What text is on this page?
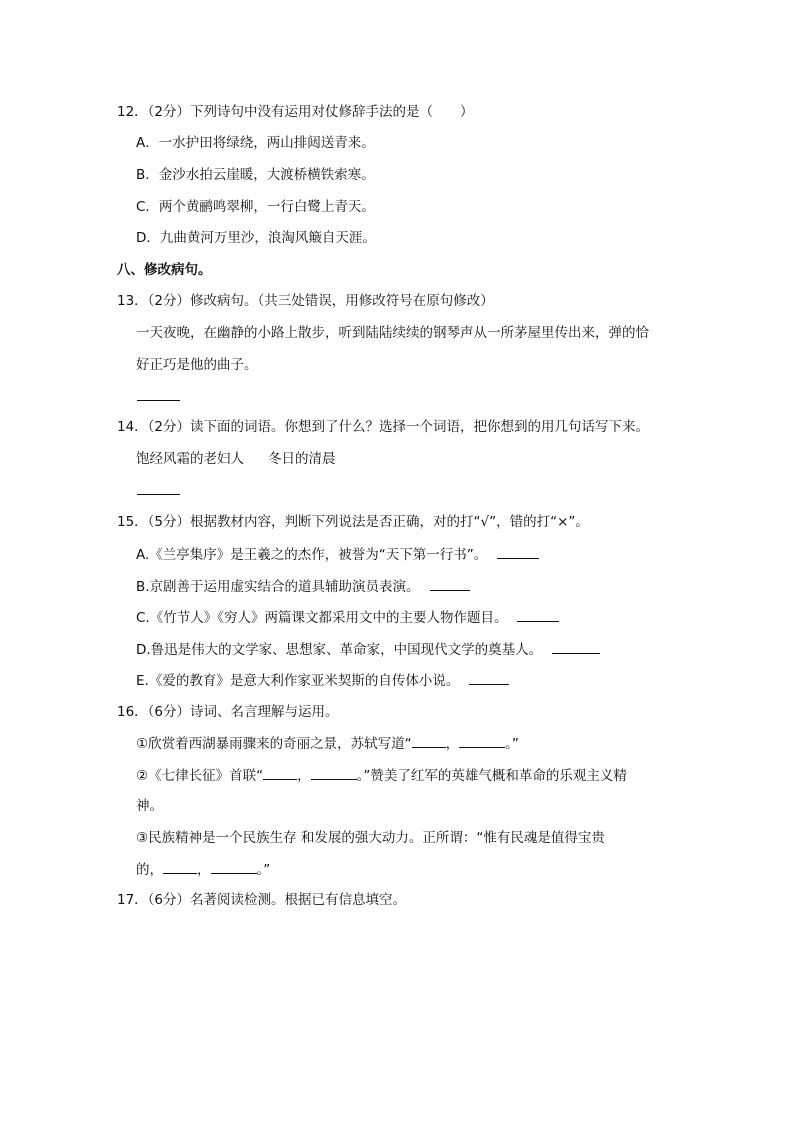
12．（2分）下列诗句中没有运用对仗修辞手法的是（　　）
A．一水护田将绿绕，两山排闼送青来。
B．金沙水拍云崖暖，大渡桥横铁索寒。
C．两个黄鹂鸣翠柳，一行白鹭上青天。
D．九曲黄河万里沙，浪淘风簸自天涯。
八、修改病句。
13．（2分）修改病句。（共三处错误，用修改符号在原句修改）
一天夜晚，在幽静的小路上散步，听到陆陆续续的钢琴声从一所茅屋里传出来，弹的恰
好正巧是他的曲子。
14．（2分）读下面的词语。你想到了什么？选择一个词语，把你想到的用几句话写下来。
饱经风霜的老妇人 冬日的清晨
15．（5分）根据教材内容，判断下列说法是否正确，对的打“√”，错的打“×”。
A.《兰亭集序》是王羲之的杰作，被誉为“天下第一行书”。
B.京剧善于运用虚实结合的道具辅助演员表演。
C.《竹节人》《穷人》两篇课文都采用文中的主要人物作题目。
D.鲁迅是伟大的文学家、思想家、革命家，中国现代文学的奠基人。
E.《爱的教育》是意大利作家亚米契斯的自传体小说。
16．（6分）诗词、名言理解与运用。
①欣赏着西湖暴雨骤来的奇丽之景，苏轼写道“	，	。”
②《七律长征》首联“	，	。”赞美了红军的英雄气概和革命的乐观主义精
神。
③民族精神是一个民族生存 和发展的强大动力。正所谓：“惟有民魂是值得宝贵
的，	，	。”
17．（6分）名著阅读检测。根据已有信息填空。
